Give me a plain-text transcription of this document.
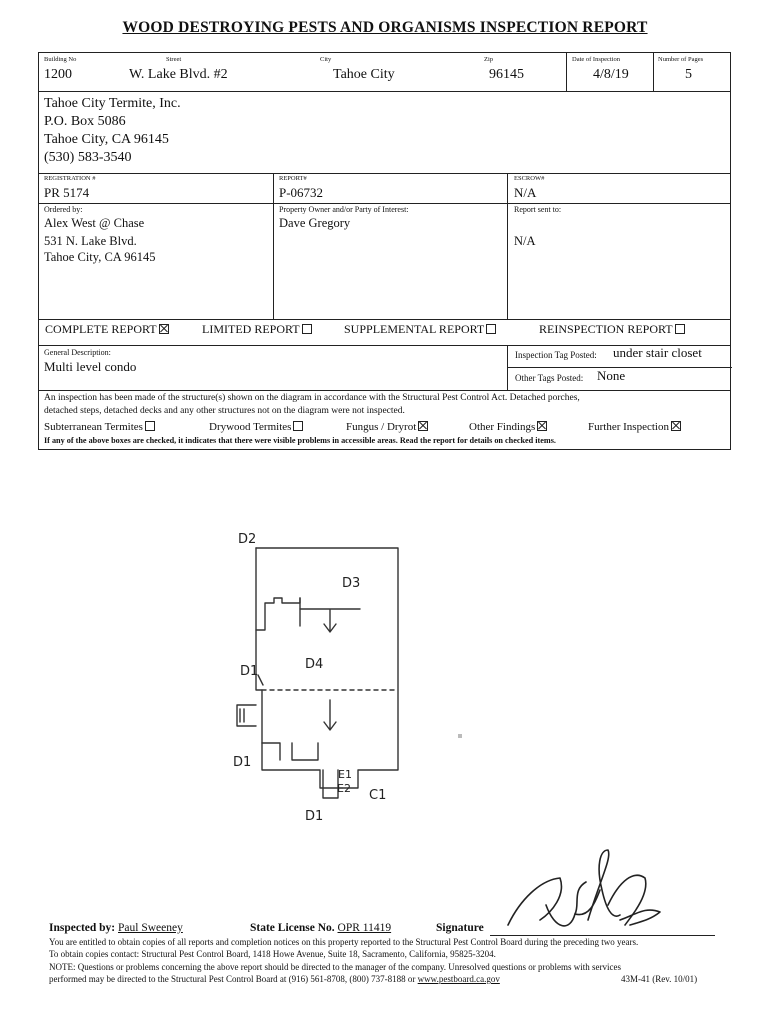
WOOD DESTROYING PESTS AND ORGANISMS INSPECTION REPORT
Building No
1200
Street
W. Lake Blvd. #2
City
Tahoe City
Zip
96145
Date of Inspection
4/8/19
Number of Pages
5
Tahoe City Termite, Inc.
P.O. Box 5086
Tahoe City, CA 96145
(530) 583-3540
REGISTRATION #
PR 5174
REPORT#
P-06732
ESCROW#
N/A
Ordered by:
Alex West @ Chase
531 N. Lake Blvd.
Tahoe City, CA 96145
Property Owner and/or Party of Interest:
Dave Gregory
Report sent to:
N/A
COMPLETE REPORT	LIMITED REPORT	SUPPLEMENTAL REPORT	REINSPECTION REPORT
General Description:
Multi level condo
Inspection Tag Posted: under stair closet
Other Tags Posted: None
An inspection has been made of the structure(s) shown on the diagram in accordance with the Structural Pest Control Act. Detached porches,
detached steps, detached decks and any other structures not on the diagram were not inspected.
Subterranean Termites	Drywood Termites	Fungus / Dryrot	Other Findings	Further Inspection
If any of the above boxes are checked, it indicates that there were visible problems in accessible areas. Read the report for details on checked items.
D2
D3
D4
D1
D1
E1
E2 C1
D1
Inspected by: Paul Sweeney	State License No. OPR 11419	Signature
You are entitled to obtain copies of all reports and completion notices on this property reported to the Structural Pest Control Board during the preceding two years.
To obtain copies contact: Structural Pest Control Board, 1418 Howe Avenue, Suite 18, Sacramento, California, 95825-3204.
NOTE: Questions or problems concerning the above report should be directed to the manager of the company. Unresolved questions or problems with services
performed may be directed to the Structural Pest Control Board at (916) 561-8708, (800) 737-8188 or www.pestboard.ca.gov	43M-41 (Rev. 10/01)
